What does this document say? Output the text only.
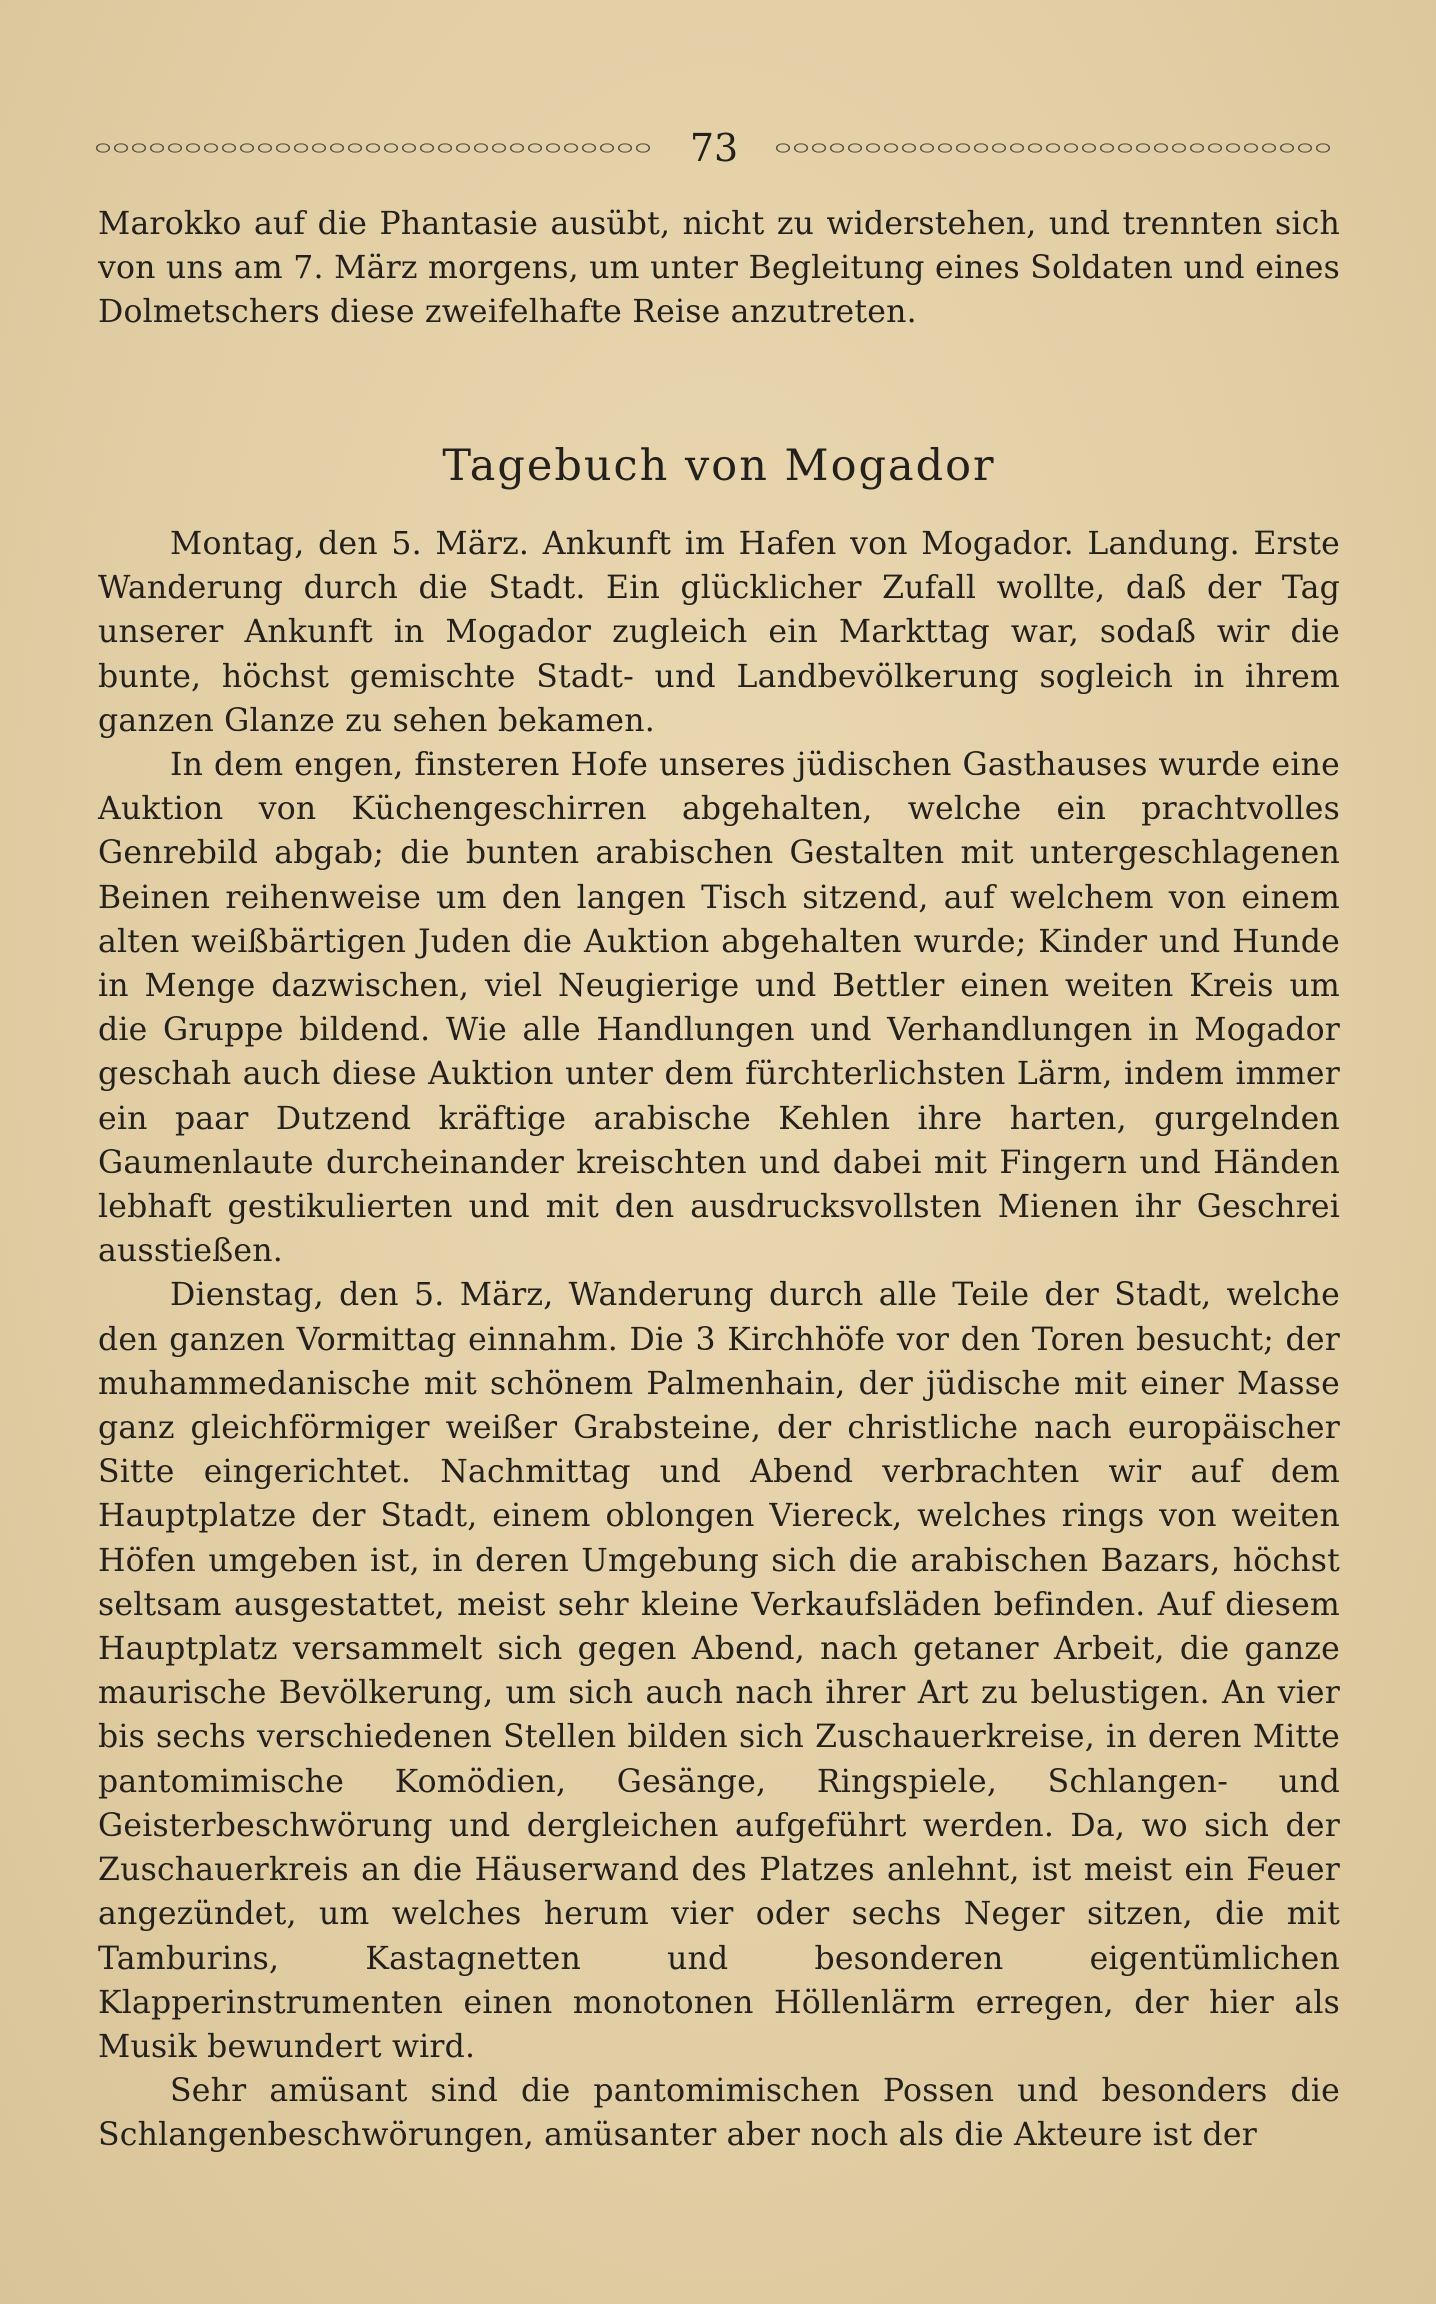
73

Marokko auf die Phantasie ausübt, nicht zu widerstehen, und trennten sich von uns am 7. März morgens, um unter Begleitung eines Soldaten und eines Dolmetschers diese zweifelhafte Reise anzutreten.

Tagebuch von Mogador

Montag, den 5. März. Ankunft im Hafen von Mogador. Landung. Erste Wanderung durch die Stadt. Ein glücklicher Zufall wollte, daß der Tag unserer Ankunft in Mogador zugleich ein Markttag war, sodaß wir die bunte, höchst gemischte Stadt- und Landbevölkerung sogleich in ihrem ganzen Glanze zu sehen bekamen.

In dem engen, finsteren Hofe unseres jüdischen Gasthauses wurde eine Auktion von Küchengeschirren abgehalten, welche ein prachtvolles Genrebild abgab; die bunten arabischen Gestalten mit untergeschlagenen Beinen reihenweise um den langen Tisch sitzend, auf welchem von einem alten weißbärtigen Juden die Auktion abgehalten wurde; Kinder und Hunde in Menge dazwischen, viel Neugierige und Bettler einen weiten Kreis um die Gruppe bildend. Wie alle Handlungen und Verhandlungen in Mogador geschah auch diese Auktion unter dem fürchterlichsten Lärm, indem immer ein paar Dutzend kräftige arabische Kehlen ihre harten, gurgelnden Gaumenlaute durcheinander kreischten und dabei mit Fingern und Händen lebhaft gestikulierten und mit den ausdrucksvollsten Mienen ihr Geschrei ausstießen.

Dienstag, den 5. März, Wanderung durch alle Teile der Stadt, welche den ganzen Vormittag einnahm. Die 3 Kirchhöfe vor den Toren besucht; der muhammedanische mit schönem Palmenhain, der jüdische mit einer Masse ganz gleichförmiger weißer Grabsteine, der christliche nach europäischer Sitte eingerichtet. Nachmittag und Abend verbrachten wir auf dem Hauptplatze der Stadt, einem oblongen Viereck, welches rings von weiten Höfen umgeben ist, in deren Umgebung sich die arabischen Bazars, höchst seltsam ausgestattet, meist sehr kleine Verkaufsläden befinden. Auf diesem Hauptplatz versammelt sich gegen Abend, nach getaner Arbeit, die ganze maurische Bevölkerung, um sich auch nach ihrer Art zu belustigen. An vier bis sechs verschiedenen Stellen bilden sich Zuschauerkreise, in deren Mitte pantomimische Komödien, Gesänge, Ringspiele, Schlangen- und Geisterbeschwörung und dergleichen aufgeführt werden. Da, wo sich der Zuschauerkreis an die Häuserwand des Platzes anlehnt, ist meist ein Feuer angezündet, um welches herum vier oder sechs Neger sitzen, die mit Tamburins, Kastagnetten und besonderen eigentümlichen Klapperinstrumenten einen monotonen Höllenlärm erregen, der hier als Musik bewundert wird.

Sehr amüsant sind die pantomimischen Possen und besonders die Schlangenbeschwörungen, amüsanter aber noch als die Akteure ist der
